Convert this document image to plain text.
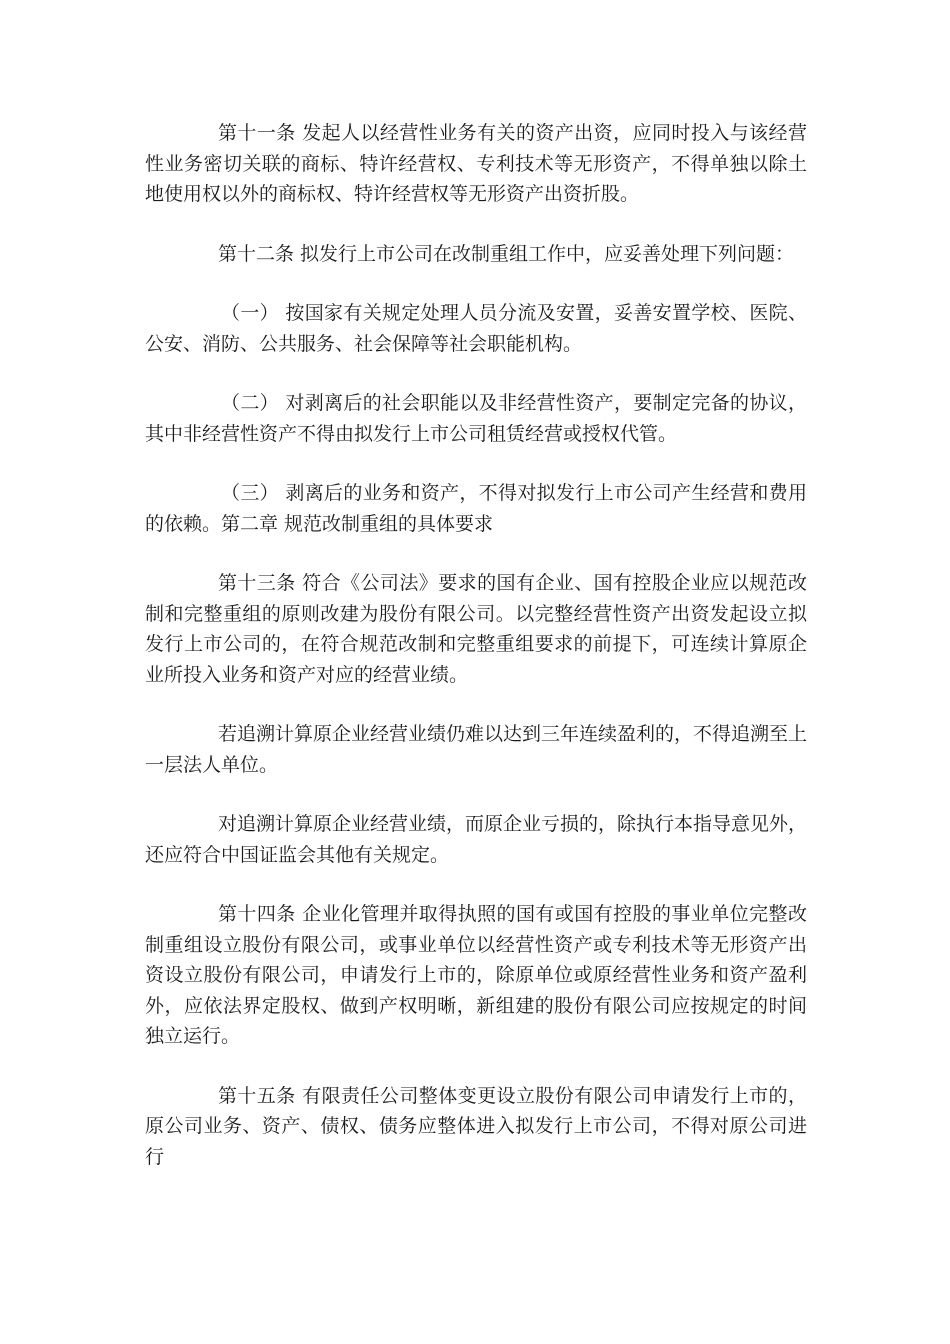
第十一条 发起人以经营性业务有关的资产出资，应同时投入与该经营性业务密切关联的商标、特许经营权、专利技术等无形资产，不得单独以除土地使用权以外的商标权、特许经营权等无形资产出资折股。

第十二条 拟发行上市公司在改制重组工作中，应妥善处理下列问题：

（一） 按国家有关规定处理人员分流及安置，妥善安置学校、医院、公安、消防、公共服务、社会保障等社会职能机构。

（二） 对剥离后的社会职能以及非经营性资产，要制定完备的协议，其中非经营性资产不得由拟发行上市公司租赁经营或授权代管。

（三） 剥离后的业务和资产，不得对拟发行上市公司产生经营和费用的依赖。第二章 规范改制重组的具体要求

第十三条 符合《公司法》要求的国有企业、国有控股企业应以规范改制和完整重组的原则改建为股份有限公司。以完整经营性资产出资发起设立拟发行上市公司的，在符合规范改制和完整重组要求的前提下，可连续计算原企业所投入业务和资产对应的经营业绩。

若追溯计算原企业经营业绩仍难以达到三年连续盈利的，不得追溯至上一层法人单位。

对追溯计算原企业经营业绩，而原企业亏损的，除执行本指导意见外，还应符合中国证监会其他有关规定。

第十四条 企业化管理并取得执照的国有或国有控股的事业单位完整改制重组设立股份有限公司，或事业单位以经营性资产或专利技术等无形资产出资设立股份有限公司，申请发行上市的，除原单位或原经营性业务和资产盈利外，应依法界定股权、做到产权明晰，新组建的股份有限公司应按规定的时间独立运行。

第十五条 有限责任公司整体变更设立股份有限公司申请发行上市的，原公司业务、资产、债权、债务应整体进入拟发行上市公司，不得对原公司进行
